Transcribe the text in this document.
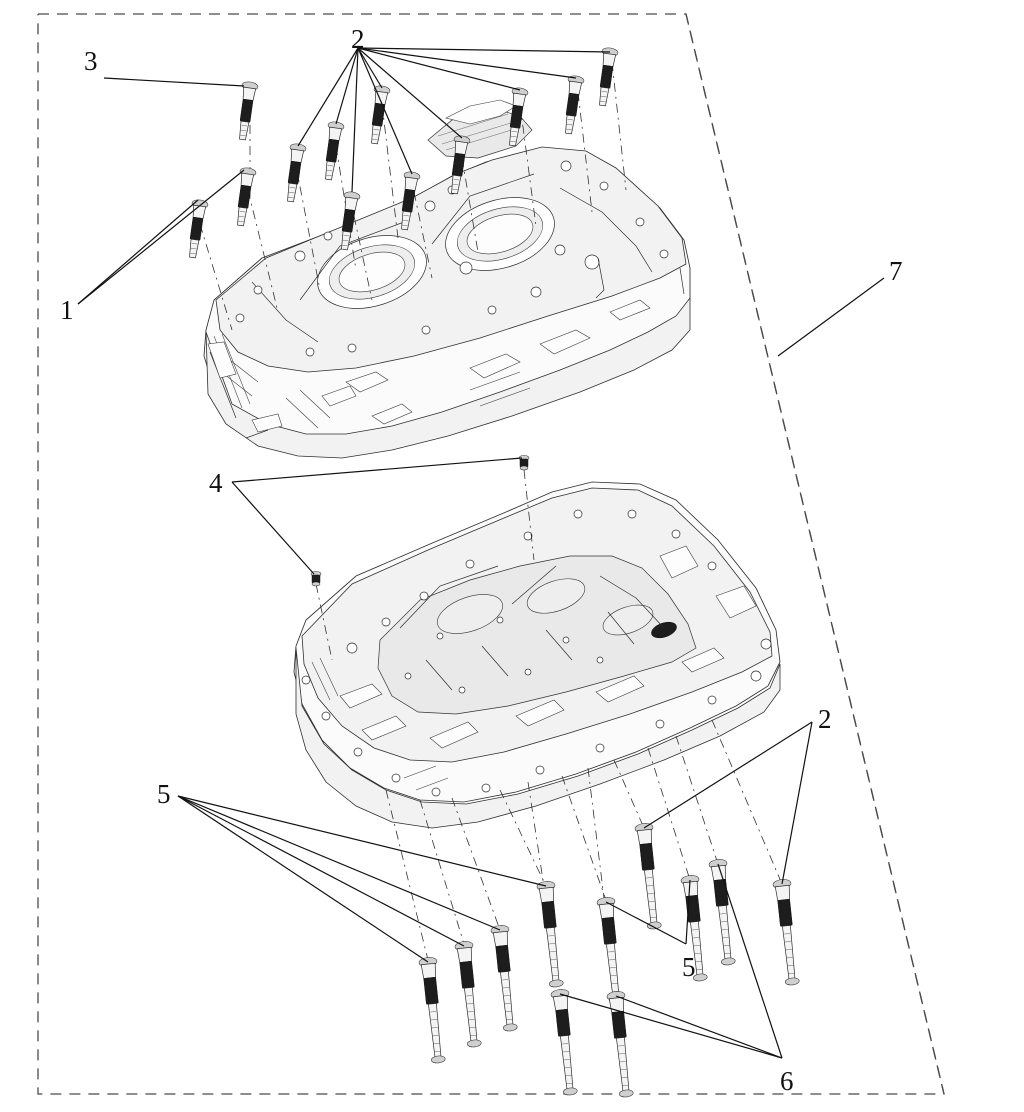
3
2
7
1
4
2
5
5
6
